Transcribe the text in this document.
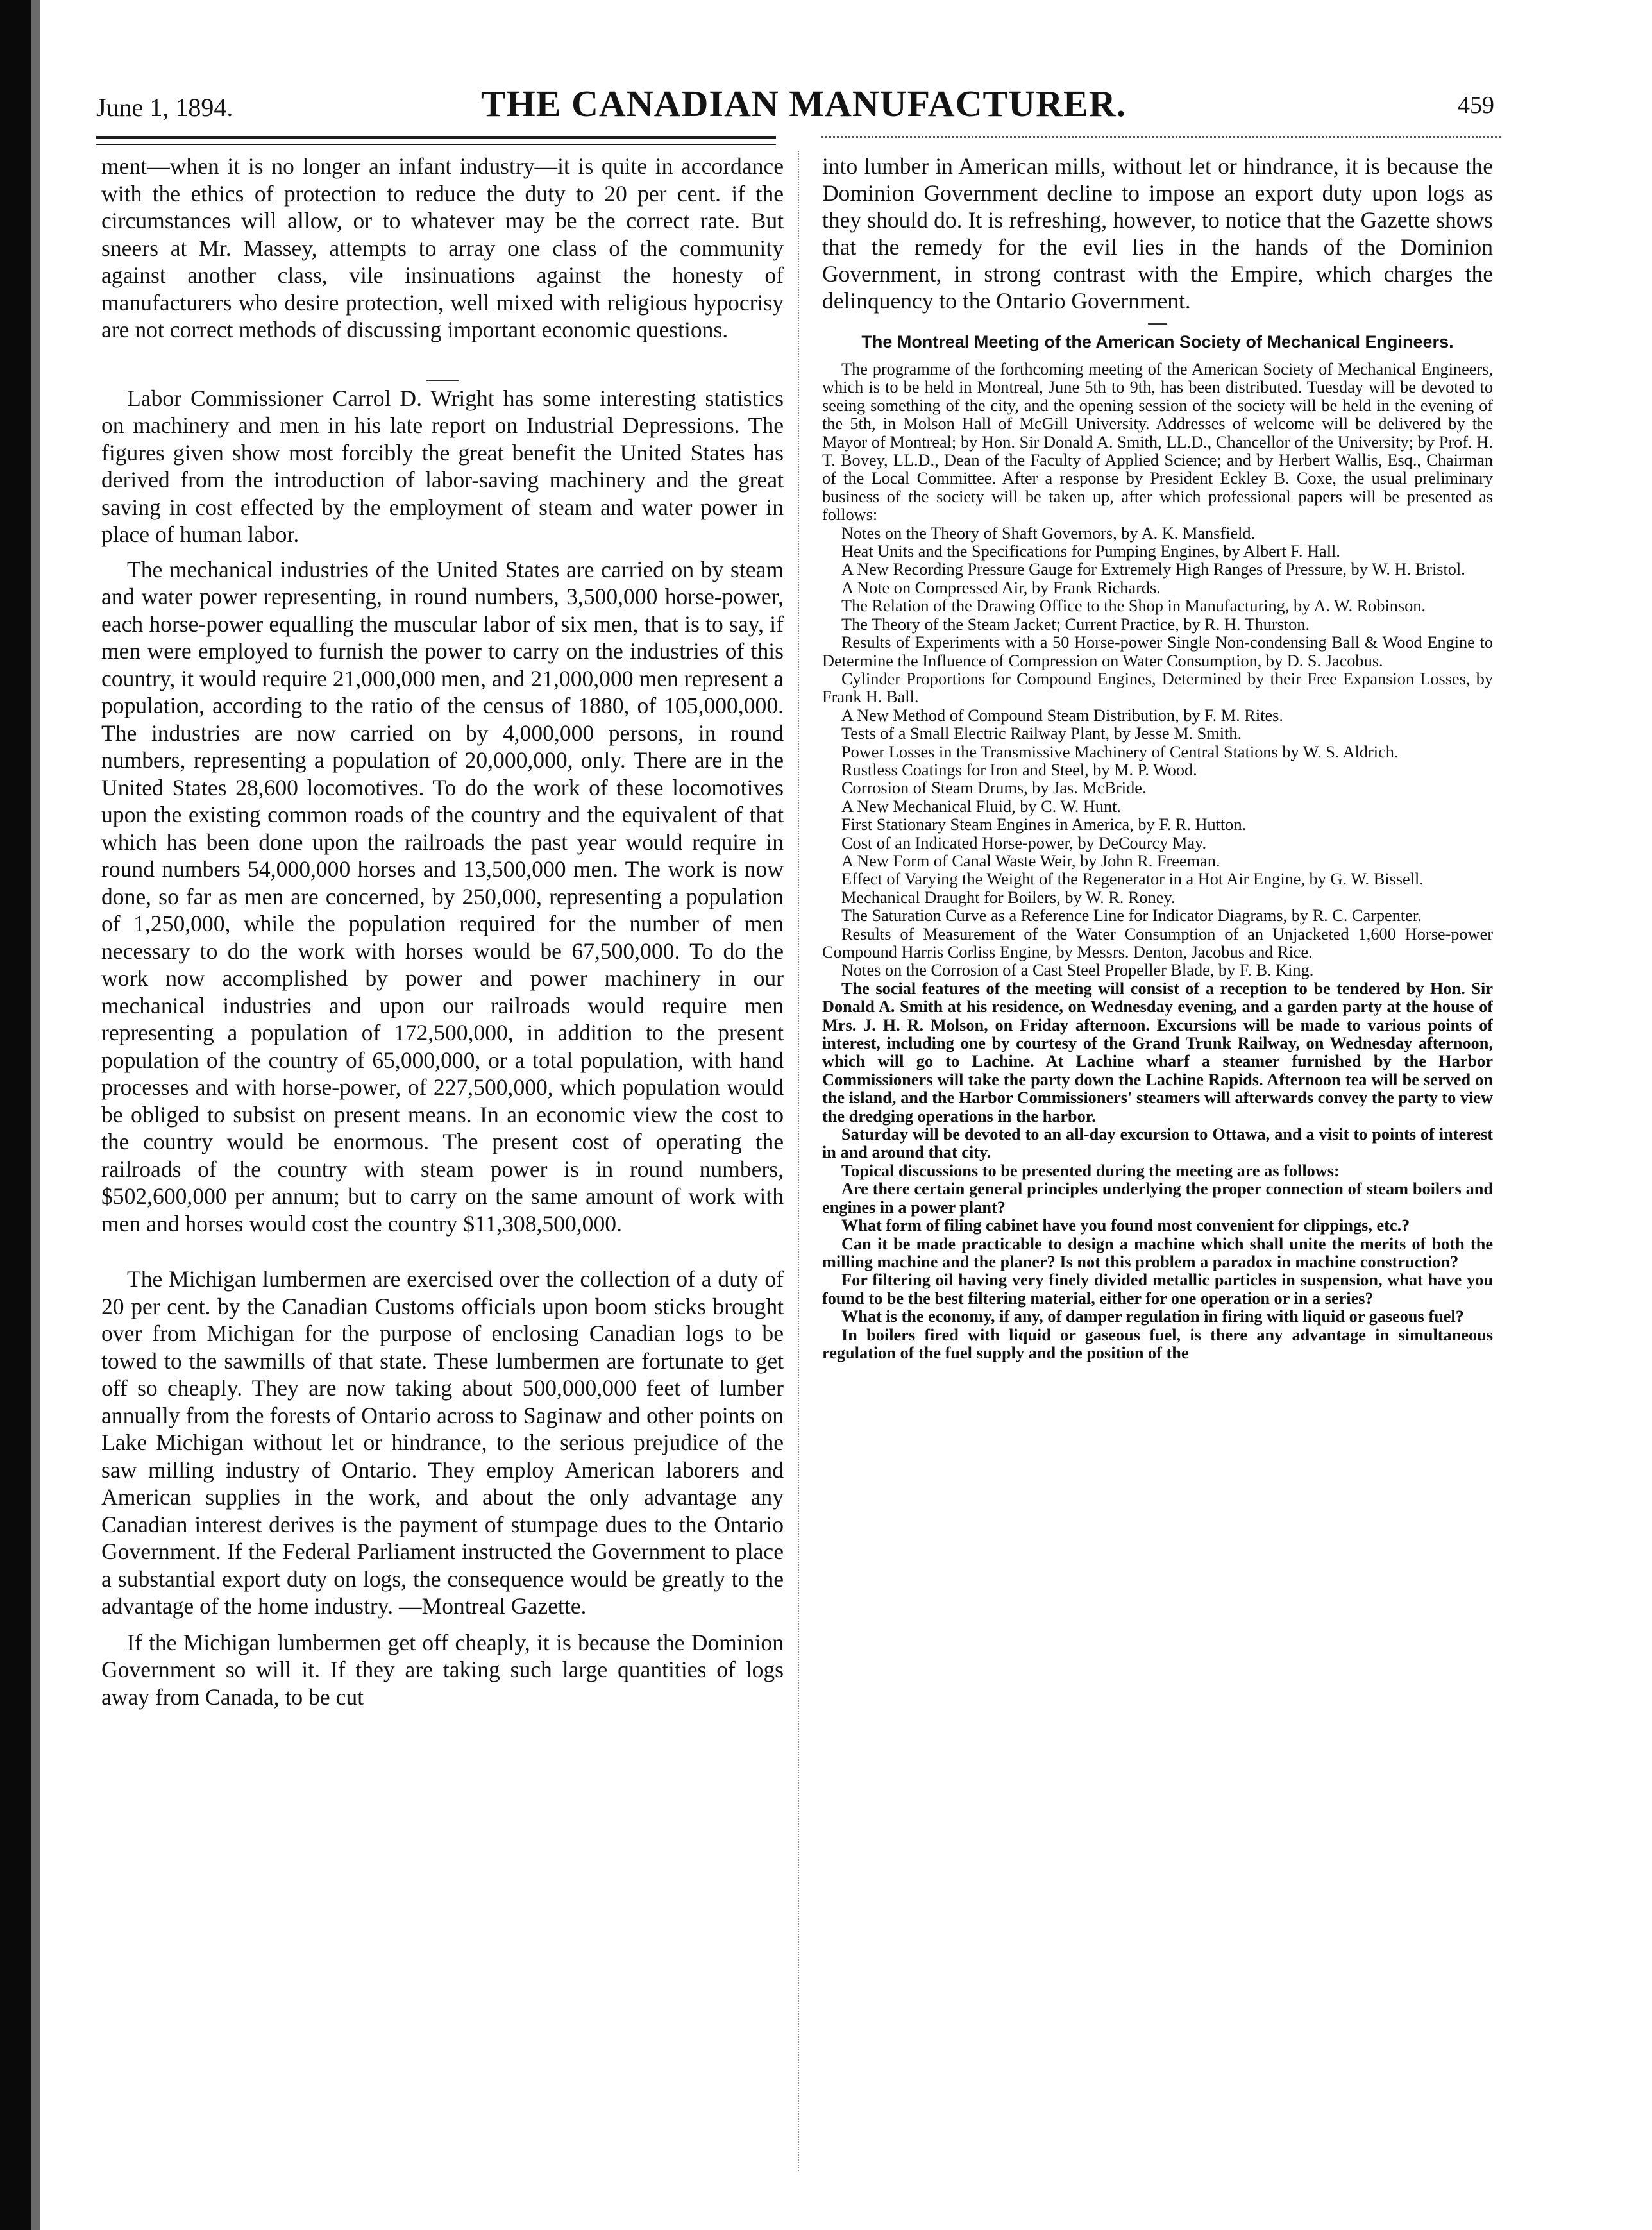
June 1, 1894.	THE CANADIAN MANUFACTURER.	459

ment—when it is no longer an infant industry—it is quite in accordance with the ethics of protection to reduce the duty to 20 per cent. if the circumstances will allow, or to whatever may be the correct rate. But sneers at Mr. Massey, attempts to array one class of the community against another class, vile insinuations against the honesty of manufacturers who desire protection, well mixed with religious hypocrisy are not correct methods of discussing important economic questions.

Labor Commissioner Carrol D. Wright has some interesting statistics on machinery and men in his late report on Industrial Depressions. The figures given show most forcibly the great benefit the United States has derived from the introduction of labor-saving machinery and the great saving in cost effected by the employment of steam and water power in place of human labor.

The mechanical industries of the United States are carried on by steam and water power representing, in round numbers, 3,500,000 horse-power, each horse-power equalling the muscular labor of six men, that is to say, if men were employed to furnish the power to carry on the industries of this country, it would require 21,000,000 men, and 21,000,000 men represent a population, according to the ratio of the census of 1880, of 105,000,000. The industries are now carried on by 4,000,000 persons, in round numbers, representing a population of 20,000,000, only. There are in the United States 28,600 locomotives. To do the work of these locomotives upon the existing common roads of the country and the equivalent of that which has been done upon the railroads the past year would require in round numbers 54,000,000 horses and 13,500,000 men. The work is now done, so far as men are concerned, by 250,000, representing a population of 1,250,000, while the population required for the number of men necessary to do the work with horses would be 67,500,000. To do the work now accomplished by power and power machinery in our mechanical industries and upon our railroads would require men representing a population of 172,500,000, in addition to the present population of the country of 65,000,000, or a total population, with hand processes and with horse-power, of 227,500,000, which population would be obliged to subsist on present means. In an economic view the cost to the country would be enormous. The present cost of operating the railroads of the country with steam power is in round numbers, $502,600,000 per annum; but to carry on the same amount of work with men and horses would cost the country $11,308,500,000.

The Michigan lumbermen are exercised over the collection of a duty of 20 per cent. by the Canadian Customs officials upon boom sticks brought over from Michigan for the purpose of enclosing Canadian logs to be towed to the sawmills of that state. These lumbermen are fortunate to get off so cheaply. They are now taking about 500,000,000 feet of lumber annually from the forests of Ontario across to Saginaw and other points on Lake Michigan without let or hindrance, to the serious prejudice of the saw milling industry of Ontario. They employ American laborers and American supplies in the work, and about the only advantage any Canadian interest derives is the payment of stumpage dues to the Ontario Government. If the Federal Parliament instructed the Government to place a substantial export duty on logs, the consequence would be greatly to the advantage of the home industry. —Montreal Gazette.

If the Michigan lumbermen get off cheaply, it is because the Dominion Government so will it. If they are taking such large quantities of logs away from Canada, to be cut

into lumber in American mills, without let or hindrance, it is because the Dominion Government decline to impose an export duty upon logs as they should do. It is refreshing, however, to notice that the Gazette shows that the remedy for the evil lies in the hands of the Dominion Government, in strong contrast with the Empire, which charges the delinquency to the Ontario Government.

The Montreal Meeting of the American Society of Mechanical Engineers.

The programme of the forthcoming meeting of the American Society of Mechanical Engineers, which is to be held in Montreal, June 5th to 9th, has been distributed. Tuesday will be devoted to seeing something of the city, and the opening session of the society will be held in the evening of the 5th, in Molson Hall of McGill University. Addresses of welcome will be delivered by the Mayor of Montreal; by Hon. Sir Donald A. Smith, LL.D., Chancellor of the University; by Prof. H. T. Bovey, LL.D., Dean of the Faculty of Applied Science; and by Herbert Wallis, Esq., Chairman of the Local Committee. After a response by President Eckley B. Coxe, the usual preliminary business of the society will be taken up, after which professional papers will be presented as follows:

Notes on the Theory of Shaft Governors, by A. K. Mansfield.

Heat Units and the Specifications for Pumping Engines, by Albert F. Hall.

A New Recording Pressure Gauge for Extremely High Ranges of Pressure, by W. H. Bristol.

A Note on Compressed Air, by Frank Richards.

The Relation of the Drawing Office to the Shop in Manufacturing, by A. W. Robinson.

The Theory of the Steam Jacket; Current Practice, by R. H. Thurston.

Results of Experiments with a 50 Horse-power Single Non-condensing Ball & Wood Engine to Determine the Influence of Compression on Water Consumption, by D. S. Jacobus.

Cylinder Proportions for Compound Engines, Determined by their Free Expansion Losses, by Frank H. Ball.

A New Method of Compound Steam Distribution, by F. M. Rites.

Tests of a Small Electric Railway Plant, by Jesse M. Smith.

Power Losses in the Transmissive Machinery of Central Stations by W. S. Aldrich.

Rustless Coatings for Iron and Steel, by M. P. Wood.

Corrosion of Steam Drums, by Jas. McBride.

A New Mechanical Fluid, by C. W. Hunt.

First Stationary Steam Engines in America, by F. R. Hutton.

Cost of an Indicated Horse-power, by DeCourcy May.

A New Form of Canal Waste Weir, by John R. Freeman.

Effect of Varying the Weight of the Regenerator in a Hot Air Engine, by G. W. Bissell.

Mechanical Draught for Boilers, by W. R. Roney.

The Saturation Curve as a Reference Line for Indicator Diagrams, by R. C. Carpenter.

Results of Measurement of the Water Consumption of an Unjacketed 1,600 Horse-power Compound Harris Corliss Engine, by Messrs. Denton, Jacobus and Rice.

Notes on the Corrosion of a Cast Steel Propeller Blade, by F. B. King.

The social features of the meeting will consist of a reception to be tendered by Hon. Sir Donald A. Smith at his residence, on Wednesday evening, and a garden party at the house of Mrs. J. H. R. Molson, on Friday afternoon. Excursions will be made to various points of interest, including one by courtesy of the Grand Trunk Railway, on Wednesday afternoon, which will go to Lachine. At Lachine wharf a steamer furnished by the Harbor Commissioners will take the party down the Lachine Rapids. Afternoon tea will be served on the island, and the Harbor Commissioners' steamers will afterwards convey the party to view the dredging operations in the harbor.

Saturday will be devoted to an all-day excursion to Ottawa, and a visit to points of interest in and around that city.

Topical discussions to be presented during the meeting are as follows:

Are there certain general principles underlying the proper connection of steam boilers and engines in a power plant?

What form of filing cabinet have you found most convenient for clippings, etc.?

Can it be made practicable to design a machine which shall unite the merits of both the milling machine and the planer? Is not this problem a paradox in machine construction?

For filtering oil having very finely divided metallic particles in suspension, what have you found to be the best filtering material, either for one operation or in a series?

What is the economy, if any, of damper regulation in firing with liquid or gaseous fuel?

In boilers fired with liquid or gaseous fuel, is there any advantage in simultaneous regulation of the fuel supply and the position of the
